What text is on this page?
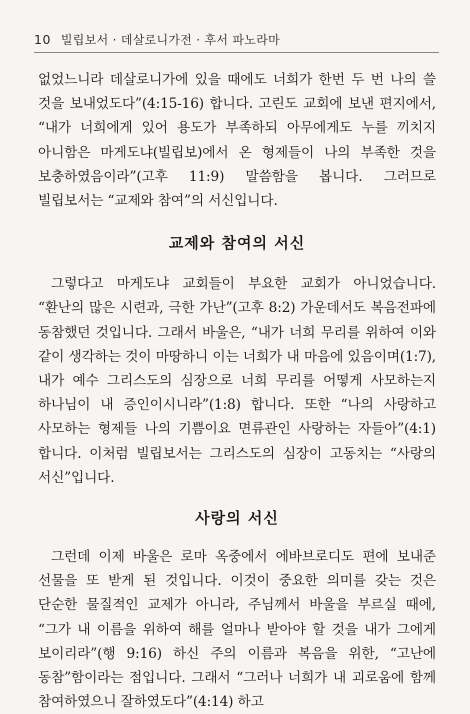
10 빌립보서 · 데살로니가전 · 후서 파노라마

없었느니라 데살로니가에 있을 때에도 너희가 한번 두 번 나의 쓸 것을 보내었도다”(4:15-16) 합니다. 고린도 교회에 보낸 편지에서, “내가 너희에게 있어 용도가 부족하되 아무에게도 누를 끼치지 아니함은 마게도냐(빌립보)에서 온 형제들이 나의 부족한 것을 보충하였음이라”(고후 11:9) 말씀함을 봅니다. 그러므로 빌립보서는 “교제와 참여”의 서신입니다.

교제와 참여의 서신

그렇다고 마게도냐 교회들이 부요한 교회가 아니었습니다. “환난의 많은 시련과, 극한 가난”(고후 8:2) 가운데서도 복음전파에 동참했던 것입니다. 그래서 바울은, “내가 너희 무리를 위하여 이와 같이 생각하는 것이 마땅하니 이는 너희가 내 마음에 있음이며(1:7), 내가 예수 그리스도의 심장으로 너희 무리를 어떻게 사모하는지 하나님이 내 증인이시니라”(1:8) 합니다. 또한 “나의 사랑하고 사모하는 형제들 나의 기쁨이요 면류관인 사랑하는 자들아”(4:1) 합니다. 이처럼 빌립보서는 그리스도의 심장이 고동치는 “사랑의 서신”입니다.

사랑의 서신

그런데 이제 바울은 로마 옥중에서 에바브로디도 편에 보내준 선물을 또 받게 된 것입니다. 이것이 중요한 의미를 갖는 것은 단순한 물질적인 교제가 아니라, 주님께서 바울을 부르실 때에, “그가 내 이름을 위하여 해를 얼마나 받아야 할 것을 내가 그에게 보이리라”(행 9:16) 하신 주의 이름과 복음을 위한, “고난에 동참”함이라는 점입니다. 그래서 “그러나 너희가 내 괴로움에 함께 참여하였으니 잘하였도다”(4:14) 하고
